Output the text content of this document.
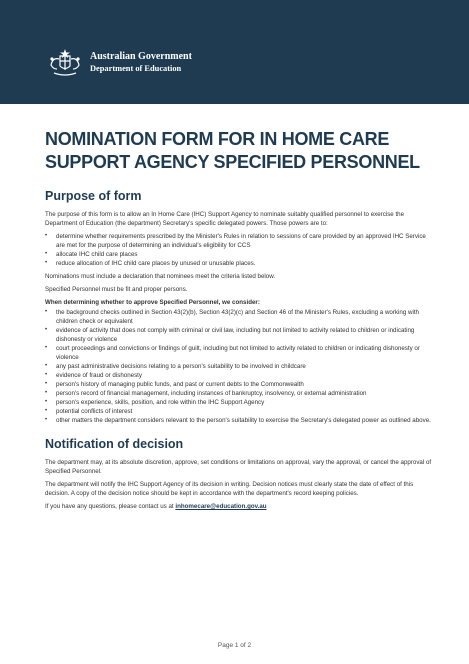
Australian Government
Department of Education
NOMINATION FORM FOR IN HOME CARE
SUPPORT AGENCY SPECIFIED PERSONNEL
Purpose of form

The purpose of this form is to allow an In Home Care (IHC) Support Agency to nominate suitably qualified personnel to exercise the Department of Education (the department) Secretary's specific delegated powers. Those powers are to:

• determine whether requirements prescribed by the Minister's Rules in relation to sessions of care provided by an approved IHC Service are met for the purpose of determining an individual's eligibility for CCS
• allocate IHC child care places
• reduce allocation of IHC child care places by unused or unusable places.

Nominations must include a declaration that nominees meet the criteria listed below.

Specified Personnel must be fit and proper persons.

When determining whether to approve Specified Personnel, we consider:

• the background checks outlined in Section 43(2)(b), Section 43(2)(c) and Section 46 of the Minister's Rules, excluding a working with children check or equivalent
• evidence of activity that does not comply with criminal or civil law, including but not limited to activity related to children or indicating dishonesty or violence
• court proceedings and convictions or findings of guilt, including but not limited to activity related to children or indicating dishonesty or violence
• any past administrative decisions relating to a person's suitability to be involved in childcare
• evidence of fraud or dishonesty
• person's history of managing public funds, and past or current debts to the Commonwealth
• person's record of financial management, including instances of bankruptcy, insolvency, or external administration
• person's experience, skills, position, and role within the IHC Support Agency
• potential conflicts of interest
• other matters the department considers relevant to the person's suitability to exercise the Secretary's delegated power as outlined above.
Notification of decision

The department may, at its absolute discretion, approve, set conditions or limitations on approval, vary the approval, or cancel the approval of Specified Personnel.

The department will notify the IHC Support Agency of its decision in writing. Decision notices must clearly state the date of effect of this decision. A copy of the decision notice should be kept in accordance with the department's record keeping policies.

If you have any questions, please contact us at inhomecare@education.gov.au

Page 1 of 2
